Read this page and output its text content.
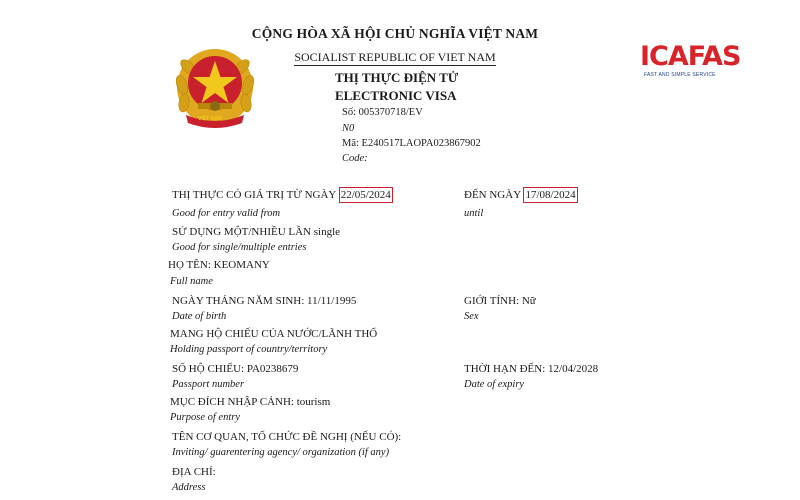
VIỆT NAM
CỘNG HÒA XÃ HỘI CHỦ NGHĨA VIỆT NAM
SOCIALIST REPUBLIC OF VIET NAM
THỊ THỰC ĐIỆN TỬ
ELECTRONIC VISA
ICAFAS
FAST AND SIMPLE SERVICE
Số: 005370718/EV
N0
Mã: E240517LAOPA023867902
Code:
THỊ THỰC CÓ GIÁ TRỊ TỪ NGÀY 22/05/2024
Good for entry valid from
ĐẾN NGÀY 17/08/2024
until
SỬ DỤNG MỘT/NHIỀU LẦN single
Good for single/multiple entries
HỌ TÊN: KEOMANY
Full name
NGÀY THÁNG NĂM SINH: 11/11/1995
Date of birth
GIỚI TÍNH: Nữ
Sex
MANG HỘ CHIẾU CỦA NƯỚC/LÃNH THỔ
Holding passport of country/territory
SỐ HỘ CHIẾU: PA0238679
Passport number
THỜI HẠN ĐẾN: 12/04/2028
Date of expiry
MỤC ĐÍCH NHẬP CẢNH: tourism
Purpose of entry
TÊN CƠ QUAN, TỔ CHỨC ĐỀ NGHỊ (NẾU CÓ):
Inviting/ guarentering agency/ organization (if any)
ĐỊA CHỈ:
Address
